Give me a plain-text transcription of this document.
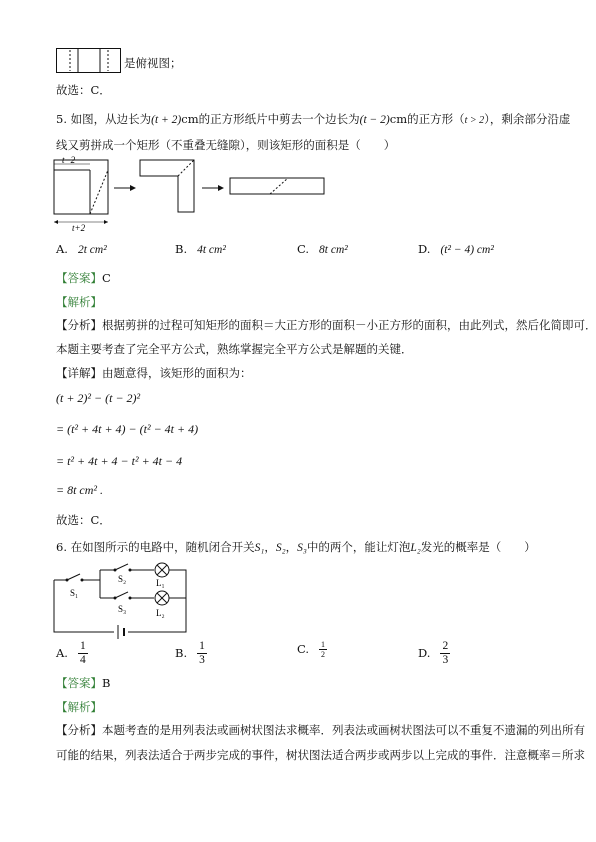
是俯视图；
故选：C．
5. 如图，从边长为(t + 2)cm的正方形纸片中剪去一个边长为(t − 2)cm的正方形（t > 2），剩余部分沿虚
线又剪拼成一个矩形（不重叠无缝隙），则该矩形的面积是（　　）
t−2
t+2
A. 2t cm²	B. 4t cm²	C. 8t cm²	D. (t² − 4) cm²
【答案】C
【解析】
【分析】根据剪拼的过程可知矩形的面积＝大正方形的面积－小正方形的面积，由此列式，然后化简即可．
本题主要考查了完全平方公式，熟练掌握完全平方公式是解题的关键．
【详解】由题意得，该矩形的面积为：
(t + 2)² − (t − 2)²
= (t² + 4t + 4) − (t² − 4t + 4)
= t² + 4t + 4 − t² + 4t − 4
= 8t cm² .
故选：C．
6. 在如图所示的电路中，随机闭合开关S₁，S₂，S₃中的两个，能让灯泡L₂发光的概率是（　　）
S₁
S₂	L₁
S₃	L₂
A. $\frac{1}{4}$	B. $\frac{1}{3}$	C. $\frac{1}{2}$	D. $\frac{2}{3}$
【答案】B
【解析】
【分析】本题考查的是用列表法或画树状图法求概率．列表法或画树状图法可以不重复不遗漏的列出所有
可能的结果，列表法适合于两步完成的事件，树状图法适合两步或两步以上完成的事件．注意概率＝所求
